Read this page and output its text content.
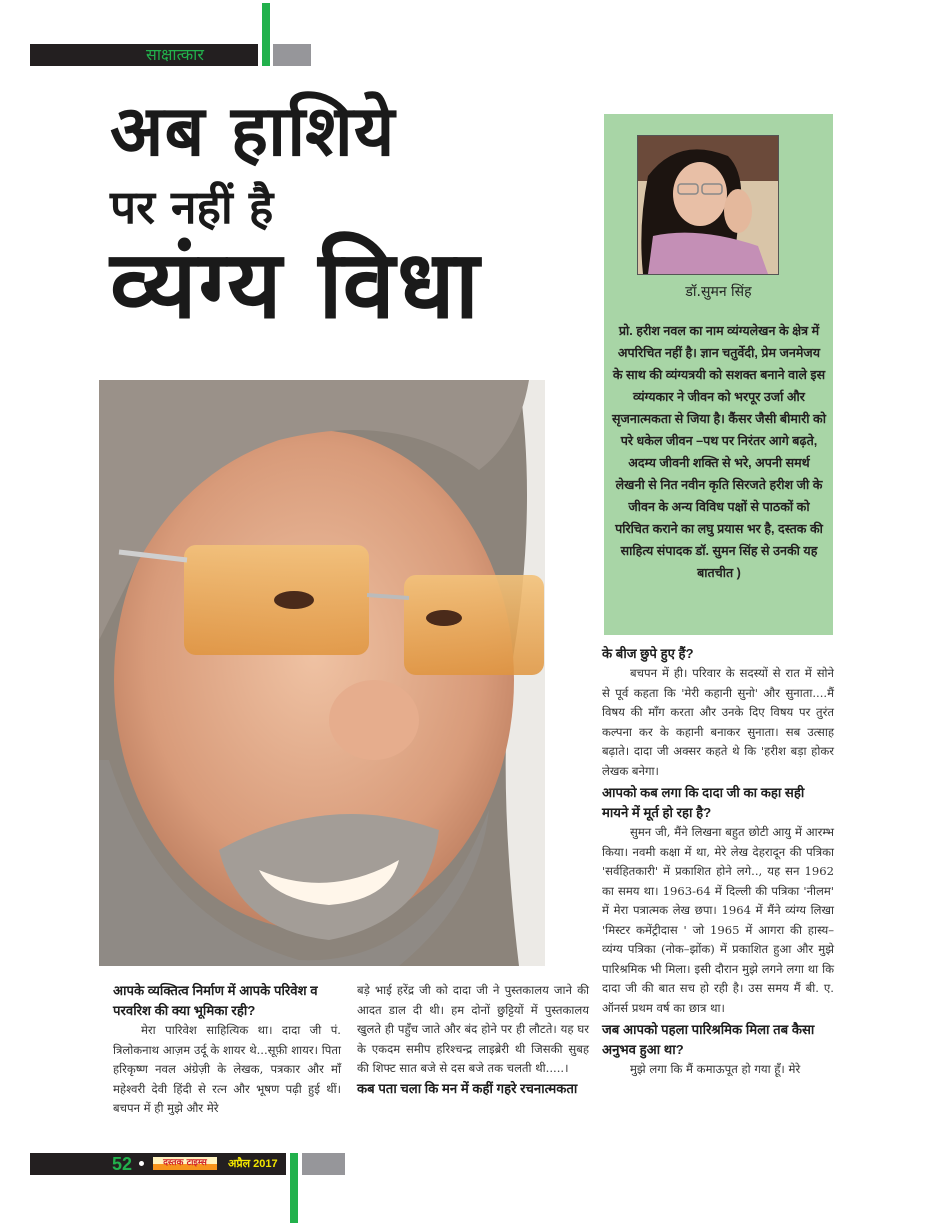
साक्षात्कार
अब हाशिये
पर नहीं है
व्यंग्य विधा	डॉ.सुमन सिंह
प्रो. हरीश नवल का नाम व्यंग्यलेखन के क्षेत्र में अपरिचित नहीं है। ज्ञान चतुर्वेदी, प्रेम जनमेजय के साथ की व्यंग्यत्रयी को सशक्त बनाने वाले इस व्यंग्यकार ने जीवन को भरपूर उर्जा और सृजनात्मकता से जिया है। कैंसर जैसी बीमारी को परे धकेल जीवन –पथ पर निरंतर आगे बढ़ते, अदम्य जीवनी शक्ति से भरे, अपनी समर्थ लेखनी से नित नवीन कृति सिरजते हरीश जी के जीवन के अन्य विविध पक्षों से पाठकों को परिचित कराने का लघु प्रयास भर है, दस्तक की साहित्य संपादक डॉ. सुमन सिंह से उनकी यह बातचीत )
आपके व्यक्तित्व निर्माण में आपके परिवेश व परवरिश की क्या भूमिका रही?

मेरा पारिवेश साहित्यिक था। दादा जी पं. त्रिलोकनाथ आज़म उर्दू के शायर थे...सूफ़ी शायर। पिता हरिकृष्ण नवल अंग्रेज़ी के लेखक, पत्रकार और माँ महेश्वरी देवी हिंदी से रत्न और भूषण पढ़ी हुई थीं। बचपन में ही मुझे और मेरे

बड़े भाई हरेंद्र जी को दादा जी ने पुस्तकालय जाने की आदत डाल दी थी। हम दोनों छुट्टियों में पुस्तकालय खुलते ही पहुँच जाते और बंद होने पर ही लौटते। यह घर के एकदम समीप हरिश्चन्द्र लाइब्रेरी थी जिसकी सुबह की शिफ्ट सात बजे से दस बजे तक चलती थी.....।
कब पता चला कि मन में कहीं गहरे रचनात्मकता
के बीज छुपे हुए हैं?

बचपन में ही। परिवार के सदस्यों से रात में सोने से पूर्व कहता कि 'मेरी कहानी सुनो' और सुनाता....मैं विषय की माँग करता और उनके दिए विषय पर तुरंत कल्पना कर के कहानी बनाकर सुनाता। सब उत्साह बढ़ाते। दादा जी अक्सर कहते थे कि 'हरीश बड़ा होकर लेखक बनेगा।

आपको कब लगा कि दादा जी का कहा सही मायने में मूर्त हो रहा है?

सुमन जी, मैंने लिखना बहुत छोटी आयु में आरम्भ किया। नवमी कक्षा में था, मेरे लेख देहरादून की पत्रिका 'सर्वहितकारी' में प्रकाशित होने लगे.., यह सन 1962 का समय था। 1963-64 में दिल्ली की पत्रिका 'नीलम' में मेरा पत्रात्मक लेख छपा। 1964 में मैंने व्यंग्य लिखा 'मिस्टर कमेंट्रीदास ' जो 1965 में आगरा की हास्य–व्यंग्य पत्रिका (नोक–झोंक) में प्रकाशित हुआ और मुझे पारिश्रमिक भी मिला। इसी दौरान मुझे लगने लगा था कि दादा जी की बात सच हो रही है। उस समय मैं बी. ए. ऑनर्स प्रथम वर्ष का छात्र था।

जब आपको पहला पारिश्रमिक मिला तब कैसा अनुभव हुआ था?

मुझे लगा कि मैं कमाऊपूत हो गया हूँ। मेरे

52	दस्तक टाइम्स	अप्रैल 2017
